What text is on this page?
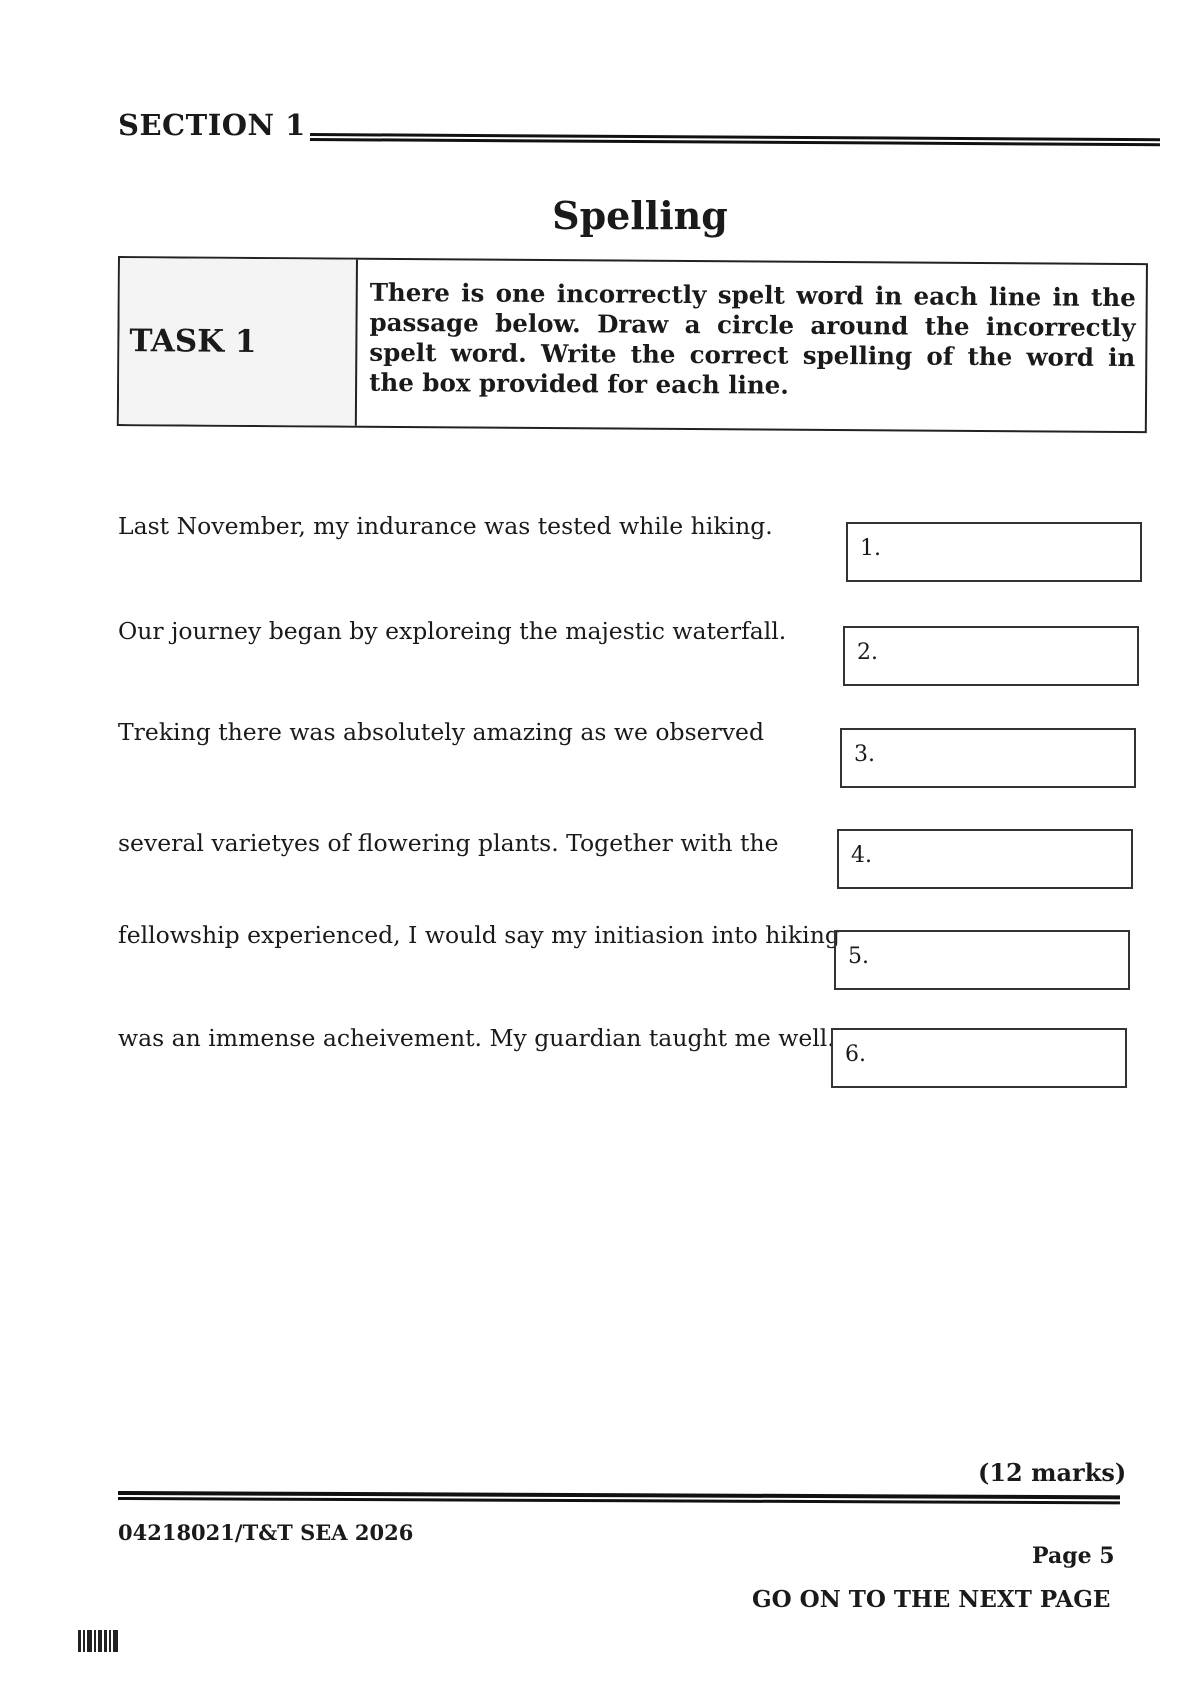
SECTION 1
Spelling
TASK 1
There is one incorrectly spelt word in each line in the passage below. Draw a circle around the incorrectly spelt word. Write the correct spelling of the word in the box provided for each line.
Last November, my indurance was tested while hiking.
1.
Our journey began by exploreing the majestic waterfall.
2.
Treking there was absolutely amazing as we observed
3.
several varietyes of flowering plants. Together with the	4.
fellowship experienced, I would say my initiasion into hiking
5.
was an immense acheivement. My guardian taught me well.
6.
(12 marks)
04218021/T&T SEA 2026
Page 5
GO ON TO THE NEXT PAGE
